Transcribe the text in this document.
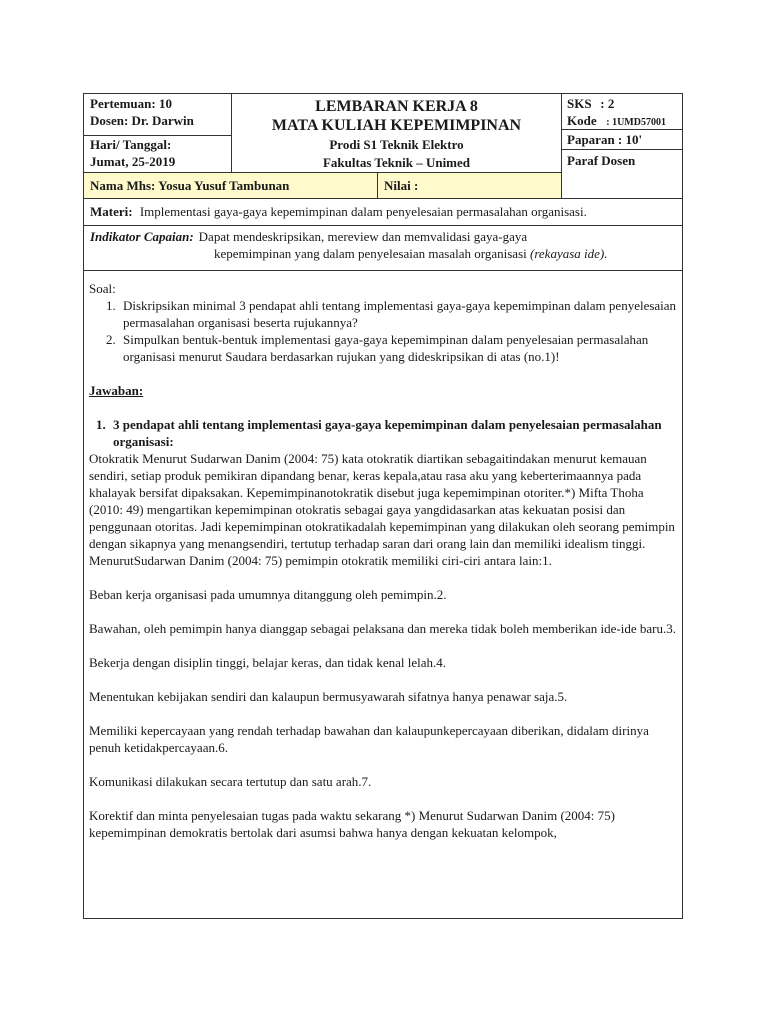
Pertemuan: 10
Dosen: Dr. Darwin
Hari/ Tanggal:
Jumat, 25-2019
LEMBARAN KERJA 8
MATA KULIAH KEPEMIMPINAN
Prodi S1 Teknik Elektro
Fakultas Teknik – Unimed
SKS : 2
Kode : 1UMD57001
Paparan : 10'
Paraf Dosen
Nama Mhs: Yosua Yusuf Tambunan	Nilai :
Materi: Implementasi gaya-gaya kepemimpinan dalam penyelesaian permasalahan organisasi.
Indikator Capaian: Dapat mendeskripsikan, mereview dan memvalidasi gaya-gaya
kepemimpinan yang dalam penyelesaian masalah organisasi (rekayasa ide).

Soal:

1. Diskripsikan minimal 3 pendapat ahli tentang implementasi gaya-gaya kepemimpinan dalam penyelesaian permasalahan organisasi beserta rujukannya?
2. Simpulkan bentuk-bentuk implementasi gaya-gaya kepemimpinan dalam penyelesaian permasalahan organisasi menurut Saudara berdasarkan rujukan yang dideskripsikan di atas (no.1)!

Jawaban:

1. 3 pendapat ahli tentang implementasi gaya-gaya kepemimpinan dalam penyelesaian permasalahan organisasi:

Otokratik Menurut Sudarwan Danim (2004: 75) kata otokratik diartikan sebagaitindakan menurut kemauan sendiri, setiap produk pemikiran dipandang benar, keras kepala,atau rasa aku yang keberterimaannya pada khalayak bersifat dipaksakan. Kepemimpinanotokratik disebut juga kepemimpinan otoriter.*) Mifta Thoha (2010: 49) mengartikan kepemimpinan otokratis sebagai gaya yangdidasarkan atas kekuatan posisi dan penggunaan otoritas. Jadi kepemimpinan otokratikadalah kepemimpinan yang dilakukan oleh seorang pemimpin dengan sikapnya yang menangsendiri, tertutup terhadap saran dari orang lain dan memiliki idealism tinggi. MenurutSudarwan Danim (2004: 75) pemimpin otokratik memiliki ciri-ciri antara lain:1.

Beban kerja organisasi pada umumnya ditanggung oleh pemimpin.2.

Bawahan, oleh pemimpin hanya dianggap sebagai pelaksana dan mereka tidak boleh memberikan ide-ide baru.3.

Bekerja dengan disiplin tinggi, belajar keras, dan tidak kenal lelah.4.

Menentukan kebijakan sendiri dan kalaupun bermusyawarah sifatnya hanya penawar saja.5.

Memiliki kepercayaan yang rendah terhadap bawahan dan kalaupunkepercayaan diberikan, didalam dirinya penuh ketidakpercayaan.6.

Komunikasi dilakukan secara tertutup dan satu arah.7.

Korektif dan minta penyelesaian tugas pada waktu sekarang *) Menurut Sudarwan Danim (2004: 75) kepemimpinan demokratis bertolak dari asumsi bahwa hanya dengan kekuatan kelompok,
